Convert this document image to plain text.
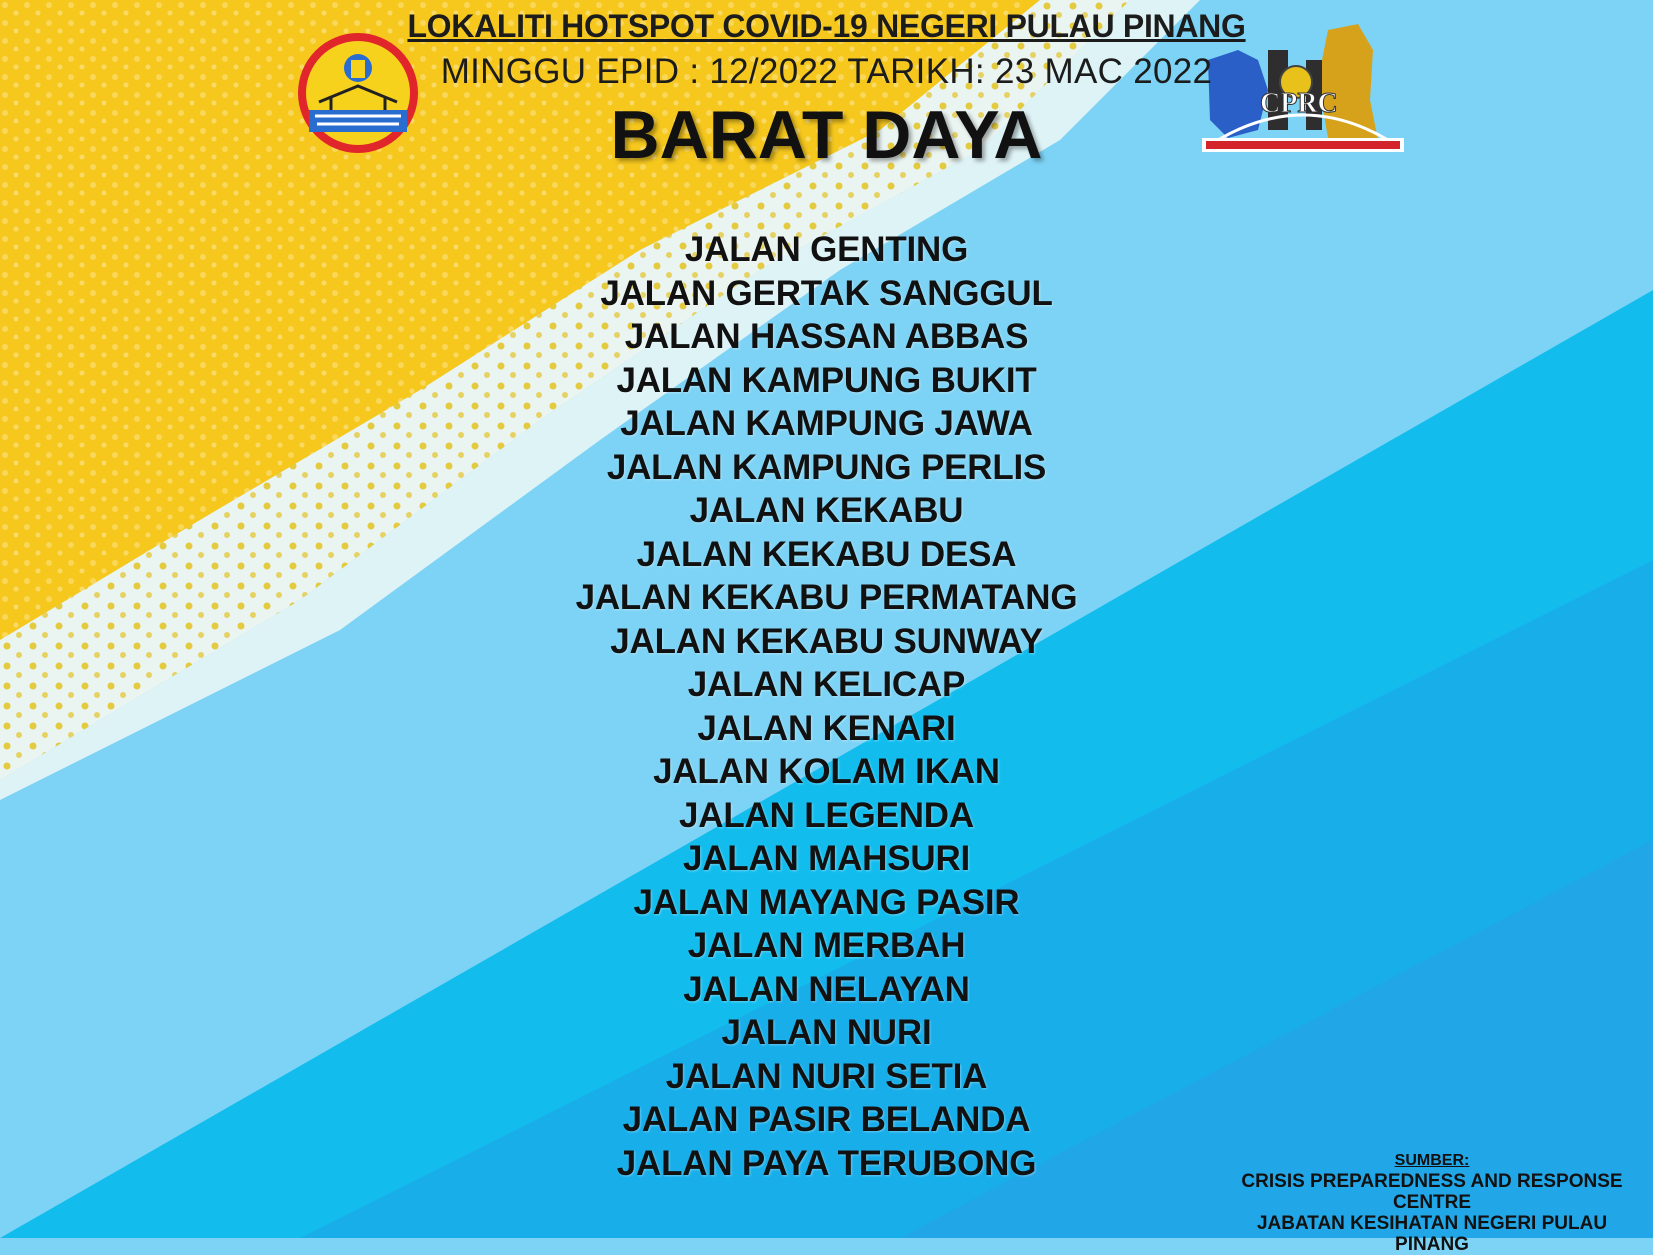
CPRC
LOKALITI HOTSPOT COVID-19 NEGERI PULAU PINANG
MINGGU EPID : 12/2022 TARIKH: 23 MAC 2022
BARAT DAYA
JALAN GENTING
JALAN GERTAK SANGGUL
JALAN HASSAN ABBAS
JALAN KAMPUNG BUKIT
JALAN KAMPUNG JAWA
JALAN KAMPUNG PERLIS
JALAN KEKABU
JALAN KEKABU DESA
JALAN KEKABU PERMATANG
JALAN KEKABU SUNWAY
JALAN KELICAP
JALAN KENARI
JALAN KOLAM IKAN
JALAN LEGENDA
JALAN MAHSURI
JALAN MAYANG PASIR
JALAN MERBAH
JALAN NELAYAN
JALAN NURI
JALAN NURI SETIA
JALAN PASIR BELANDA
JALAN PAYA TERUBONG	SUMBER:
CRISIS PREPAREDNESS AND RESPONSE CENTRE
JABATAN KESIHATAN NEGERI PULAU PINANG
